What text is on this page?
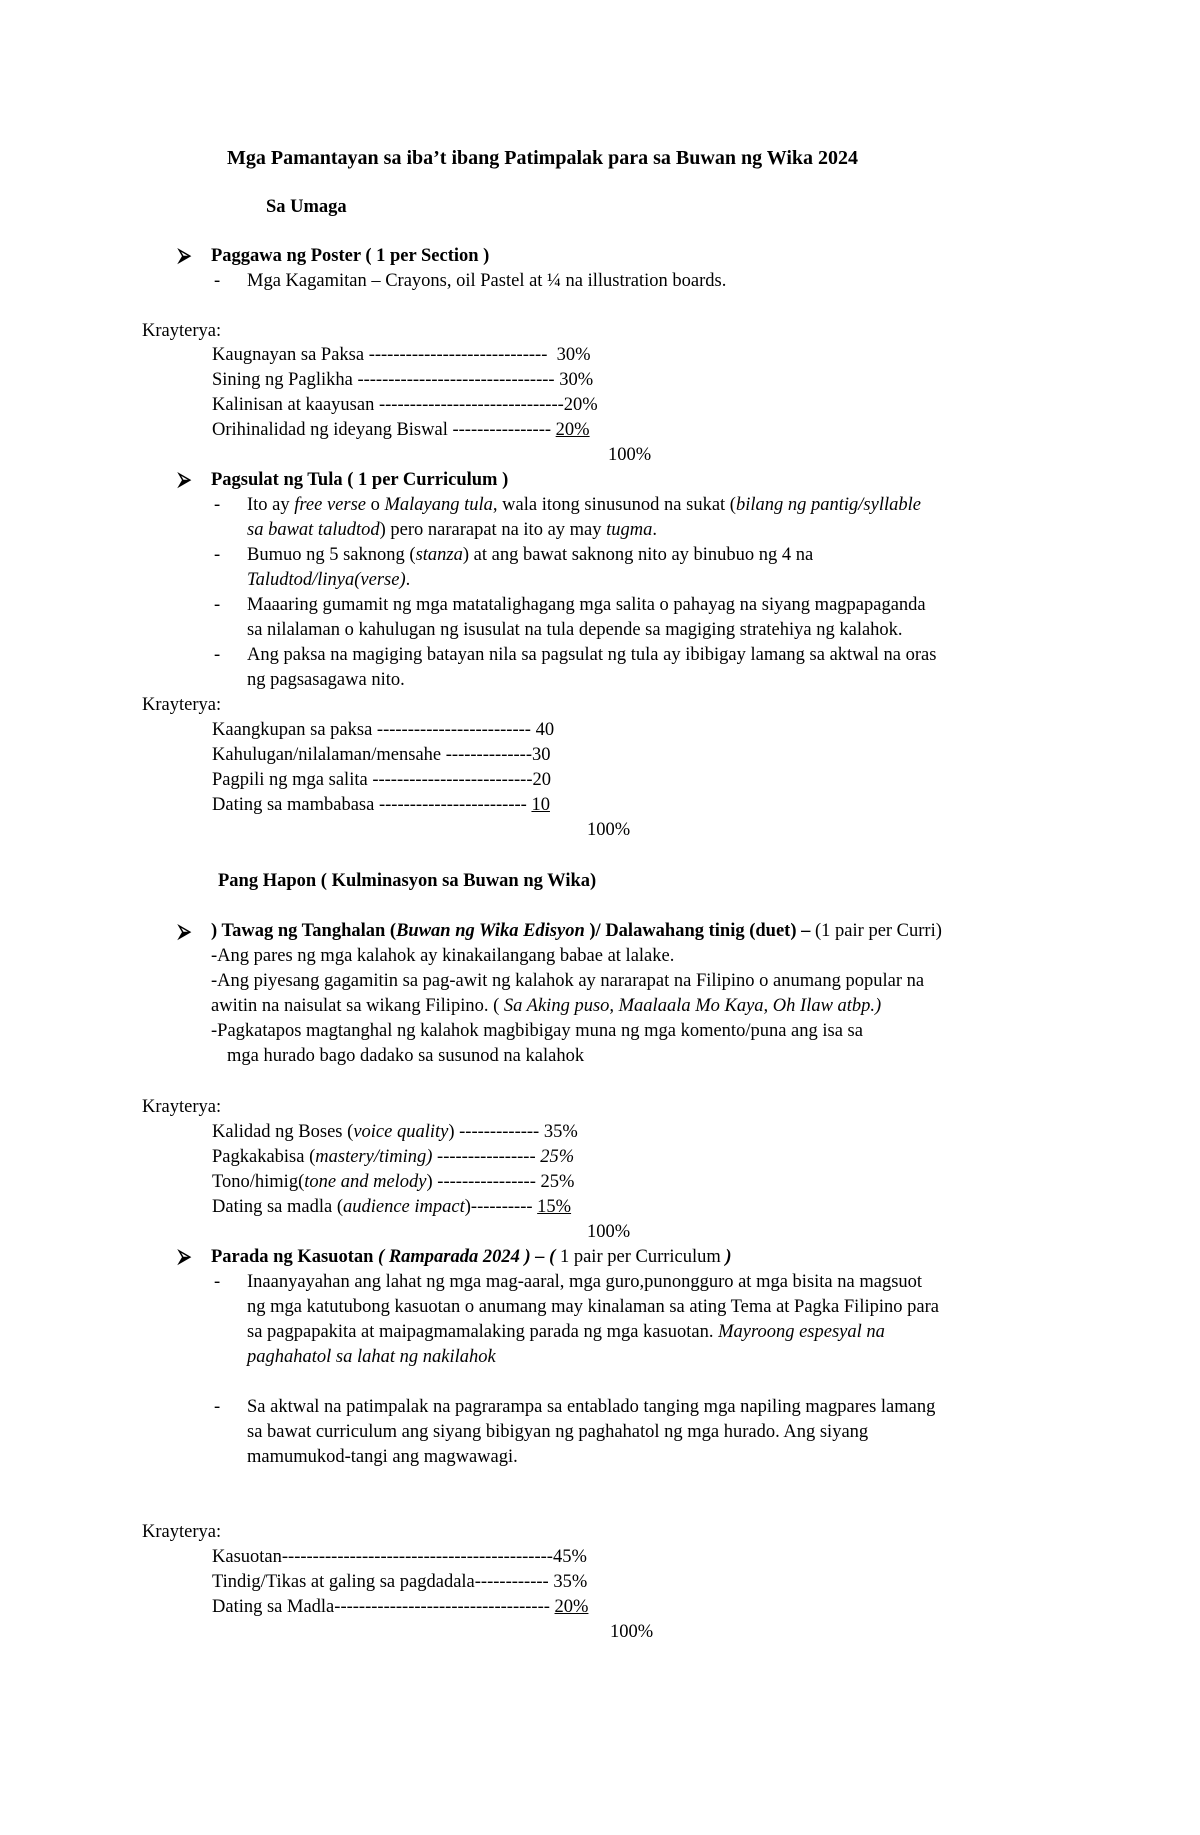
Mga Pamantayan sa iba’t ibang Patimpalak para sa Buwan ng Wika 2024
Sa Umaga
⮚ Paggawa ng Poster ( 1 per Section )
- Mga Kagamitan – Crayons, oil Pastel at ¼ na illustration boards.
Krayterya:
Kaugnayan sa Paksa ----------------------------- 30%
Sining ng Paglikha -------------------------------- 30%
Kalinisan at kaayusan ------------------------------20%
Orihinalidad ng ideyang Biswal ---------------- 20%
100%
⮚ Pagsulat ng Tula ( 1 per Curriculum )
- Ito ay free verse o Malayang tula, wala itong sinusunod na sukat (bilang ng pantig/syllable
sa bawat taludtod) pero nararapat na ito ay may tugma.
- Bumuo ng 5 saknong (stanza) at ang bawat saknong nito ay binubuo ng 4 na
Taludtod/linya(verse).
- Maaaring gumamit ng mga matatalighagang mga salita o pahayag na siyang magpapaganda
sa nilalaman o kahulugan ng isusulat na tula depende sa magiging stratehiya ng kalahok.
- Ang paksa na magiging batayan nila sa pagsulat ng tula ay ibibigay lamang sa aktwal na oras
ng pagsasagawa nito.
Krayterya:
Kaangkupan sa paksa ------------------------- 40
Kahulugan/nilalaman/mensahe --------------30
Pagpili ng mga salita --------------------------20
Dating sa mambabasa ------------------------ 10
100%
Pang Hapon ( Kulminasyon sa Buwan ng Wika)
⮚ ) Tawag ng Tanghalan (Buwan ng Wika Edisyon )/ Dalawahang tinig (duet) – (1 pair per Curri)
-Ang pares ng mga kalahok ay kinakailangang babae at lalake.
-Ang piyesang gagamitin sa pag-awit ng kalahok ay nararapat na Filipino o anumang popular na
awitin na naisulat sa wikang Filipino. ( Sa Aking puso, Maalaala Mo Kaya, Oh Ilaw atbp.)
-Pagkatapos magtanghal ng kalahok magbibigay muna ng mga komento/puna ang isa sa
mga hurado bago dadako sa susunod na kalahok
Krayterya:
Kalidad ng Boses (voice quality) ------------- 35%
Pagkakabisa (mastery/timing) ---------------- 25%
Tono/himig(tone and melody) ---------------- 25%
Dating sa madla (audience impact)---------- 15%
100%
⮚ Parada ng Kasuotan ( Ramparada 2024 ) – ( 1 pair per Curriculum )
- Inaanyayahan ang lahat ng mga mag-aaral, mga guro,punongguro at mga bisita na magsuot
ng mga katutubong kasuotan o anumang may kinalaman sa ating Tema at Pagka Filipino para
sa pagpapakita at maipagmamalaking parada ng mga kasuotan. Mayroong espesyal na
paghahatol sa lahat ng nakilahok
- Sa aktwal na patimpalak na pagrarampa sa entablado tanging mga napiling magpares lamang
sa bawat curriculum ang siyang bibigyan ng paghahatol ng mga hurado. Ang siyang
mamumukod-tangi ang magwawagi.
Krayterya:
Kasuotan--------------------------------------------45%
Tindig/Tikas at galing sa pagdadala------------ 35%
Dating sa Madla----------------------------------- 20%
100%
